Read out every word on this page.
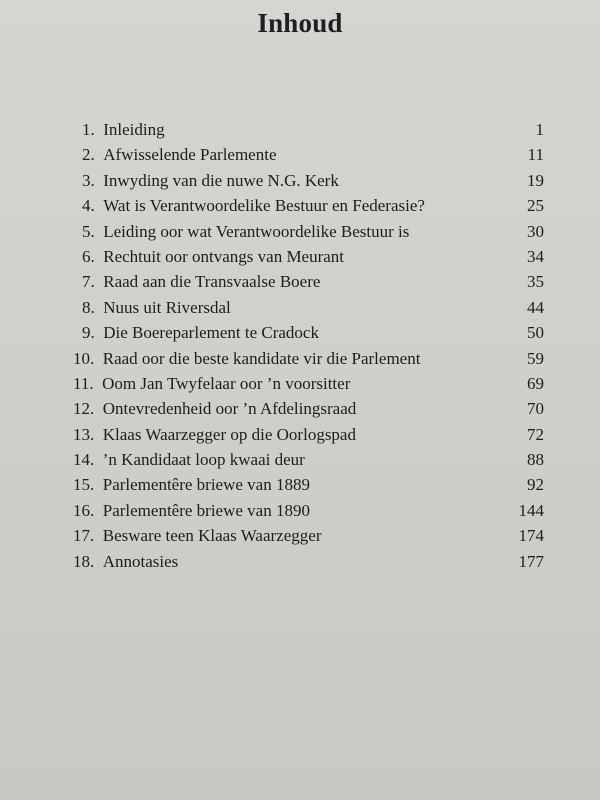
Inhoud
1.  Inleiding	1
2.  Afwisselende Parlemente	11
3.  Inwyding van die nuwe N.G. Kerk	19
4.  Wat is Verantwoordelike Bestuur en Federasie?	25
5.  Leiding oor wat Verantwoordelike Bestuur is	30
6.  Rechtuit oor ontvangs van Meurant	34
7.  Raad aan die Transvaalse Boere	35
8.  Nuus uit Riversdal	44
9.  Die Boereparlement te Cradock	50
10.  Raad oor die beste kandidate vir die Parlement	59
11.  Oom Jan Twyfelaar oor ’n voorsitter	69
12.  Ontevredenheid oor ’n Afdelingsraad	70
13.  Klaas Waarzegger op die Oorlogspad	72
14.  ’n Kandidaat loop kwaai deur	88
15.  Parlementêre briewe van 1889	92
16.  Parlementêre briewe van 1890	144
17.  Besware teen Klaas Waarzegger	174
18.  Annotasies	177
